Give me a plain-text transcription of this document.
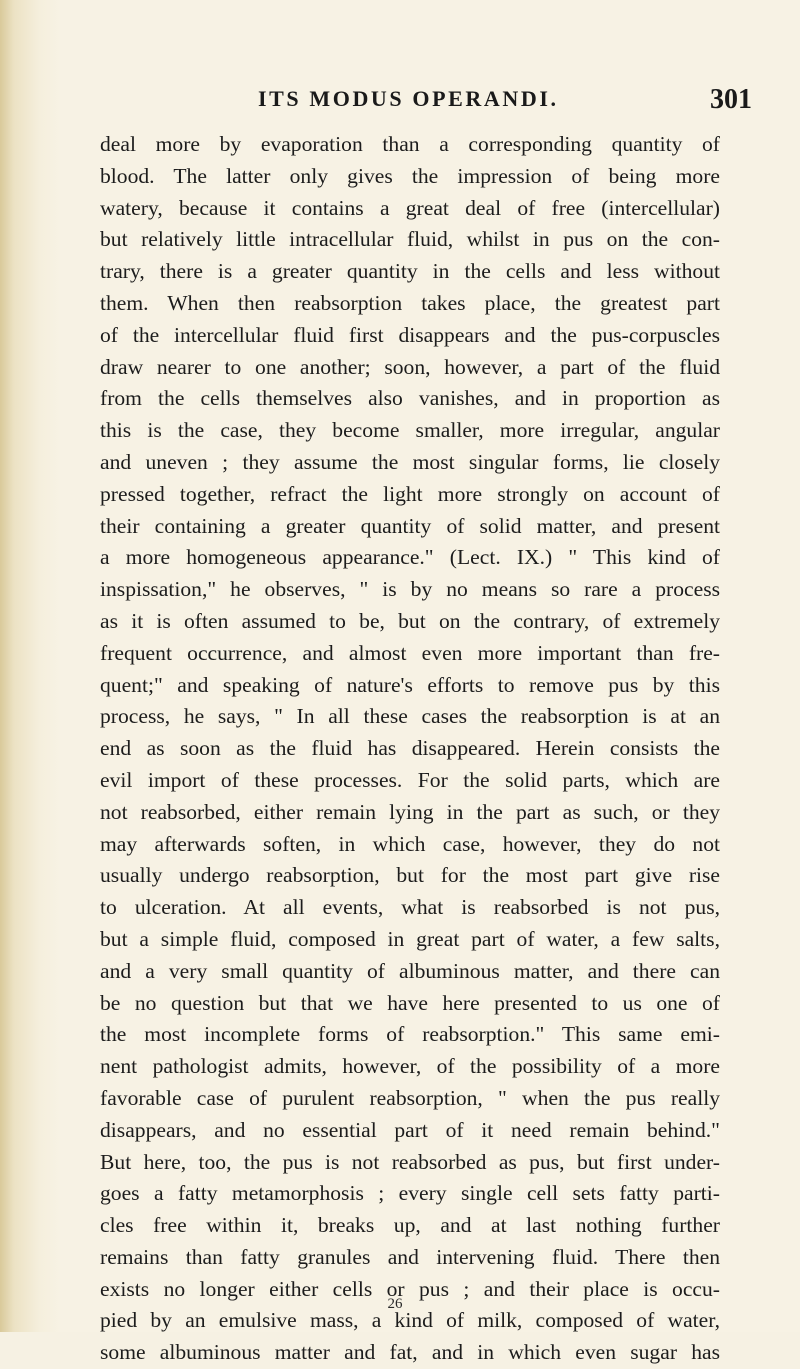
ITS MODUS OPERANDI.	301
deal more by evaporation than a corresponding quantity of
blood. The latter only gives the impression of being more
watery, because it contains a great deal of free (intercellular)
but relatively little intracellular fluid, whilst in pus on the con-
trary, there is a greater quantity in the cells and less without
them. When then reabsorption takes place, the greatest part
of the intercellular fluid first disappears and the pus-corpuscles
draw nearer to one another; soon, however, a part of the fluid
from the cells themselves also vanishes, and in proportion as
this is the case, they become smaller, more irregular, angular
and uneven ; they assume the most singular forms, lie closely
pressed together, refract the light more strongly on account of
their containing a greater quantity of solid matter, and present
a more homogeneous appearance." (Lect. IX.) " This kind of
inspissation," he observes, " is by no means so rare a process
as it is often assumed to be, but on the contrary, of extremely
frequent occurrence, and almost even more important than fre-
quent;" and speaking of nature's efforts to remove pus by this
process, he says, " In all these cases the reabsorption is at an
end as soon as the fluid has disappeared. Herein consists the
evil import of these processes. For the solid parts, which are
not reabsorbed, either remain lying in the part as such, or they
may afterwards soften, in which case, however, they do not
usually undergo reabsorption, but for the most part give rise
to ulceration. At all events, what is reabsorbed is not pus,
but a simple fluid, composed in great part of water, a few salts,
and a very small quantity of albuminous matter, and there can
be no question but that we have here presented to us one of
the most incomplete forms of reabsorption." This same emi-
nent pathologist admits, however, of the possibility of a more
favorable case of purulent reabsorption, " when the pus really
disappears, and no essential part of it need remain behind."
But here, too, the pus is not reabsorbed as pus, but first under-
goes a fatty metamorphosis ; every single cell sets fatty parti-
cles free within it, breaks up, and at last nothing further
remains than fatty granules and intervening fluid. There then
exists no longer either cells or pus ; and their place is occu-
pied by an emulsive mass, a kind of milk, composed of water,
some albuminous matter and fat, and in which even sugar has
26
